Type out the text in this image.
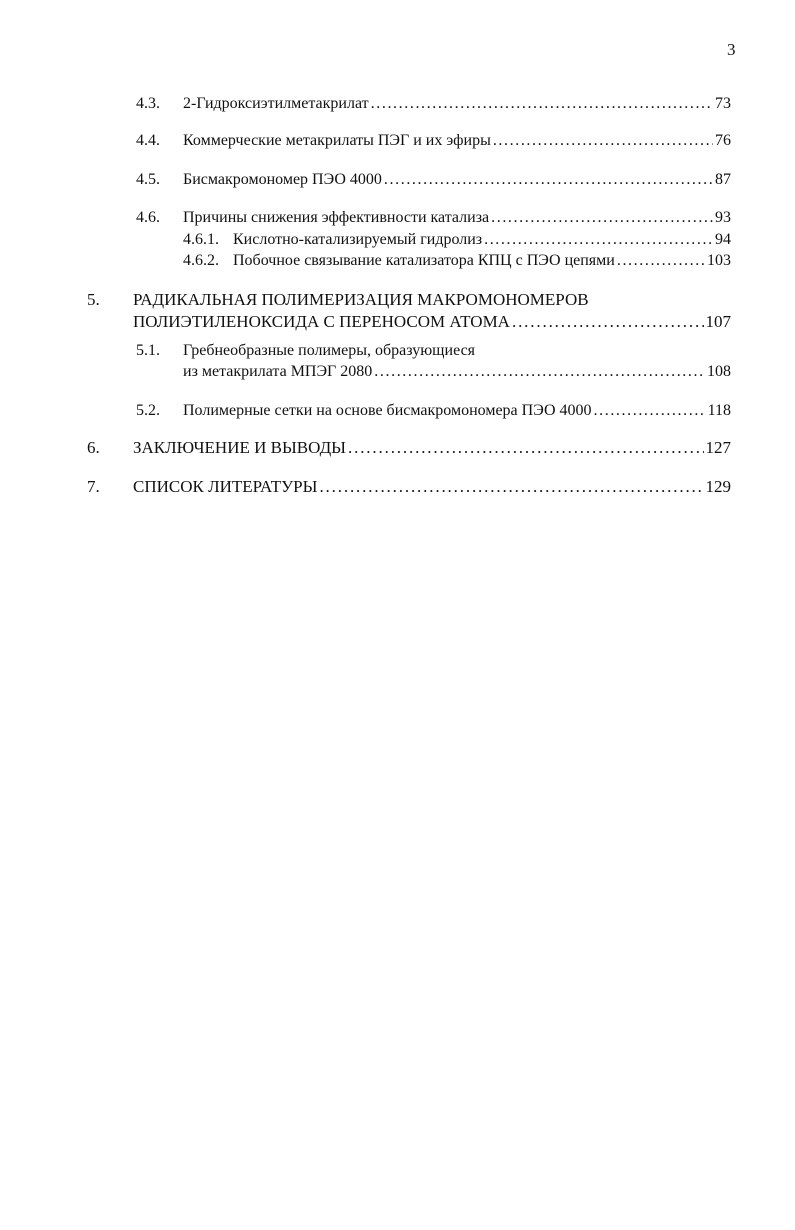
3
4.3. 2-Гидроксиэтилметакрилат . . .	73
4.4. Коммерческие метакрилаты ПЭГ и их эфиры . . .	76
4.5. Бисмакромономер ПЭО 4000 . . .	87
4.6. Причины снижения эффективности катализа . . .	93
4.6.1. Кислотно-катализируемый гидролиз . . .	94
4.6.2. Побочное связывание катализатора КПЦ с ПЭО цепями . . .	103
5. РАДИКАЛЬНАЯ ПОЛИМЕРИЗАЦИЯ МАКРОМОНОМЕРОВ
ПОЛИЭТИЛЕНОКСИДА С ПЕРЕНОСОМ АТОМА . . .	107
5.1. Гребнеобразные полимеры, образующиеся
из метакрилата МПЭГ 2080 . . .	108
5.2. Полимерные сетки на основе бисмакромономера ПЭО 4000 . . .	118
6. ЗАКЛЮЧЕНИЕ И ВЫВОДЫ . . .	127
7. СПИСОК ЛИТЕРАТУРЫ . . .	129
